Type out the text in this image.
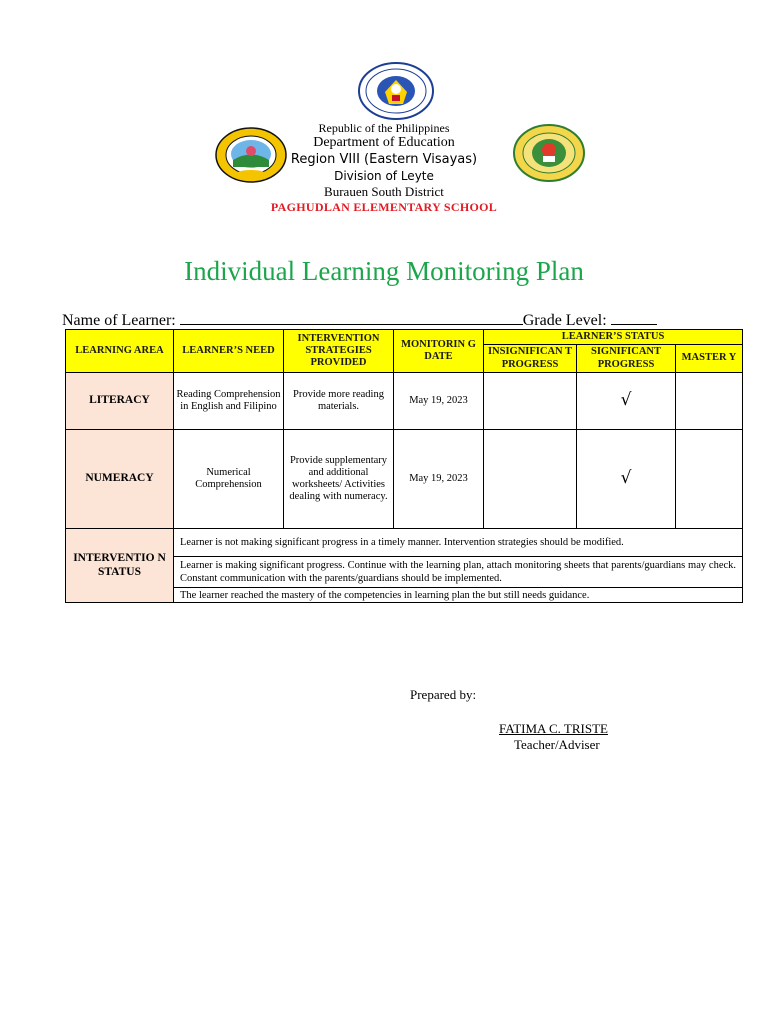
Republic of the Philippines
Department of Education
Region VIII (Eastern Visayas)
Division of Leyte
Burauen South District
PAGHUDLAN ELEMENTARY SCHOOL
Individual Learning Monitoring Plan
Name of Learner:	Grade Level:
LEARNING AREA	LEARNER’S NEED	INTERVENTION STRATEGIES PROVIDED	MONITORIN G DATE	LEARNER’S STATUS		
				INSIGNIFICAN T PROGRESS	SIGNIFICANT PROGRESS	MASTER Y
LITERACY	Reading Comprehension in English and Filipino	Provide more reading materials.	May 19, 2023		√	
NUMERACY	Numerical Comprehension	Provide supplementary and additional worksheets/ Activities dealing with numeracy.	May 19, 2023		√	
INTERVENTIO N STATUS	Learner is not making significant progress in a timely manner. Intervention strategies should be modified.					
	Learner is making significant progress. Continue with the learning plan, attach monitoring sheets that parents/guardians may check. Constant communication with the parents/guardians should be implemented.					
	The learner reached the mastery of the competencies in learning plan the but still needs guidance.					
Prepared by:
FATIMA C. TRISTE
Teacher/Adviser
